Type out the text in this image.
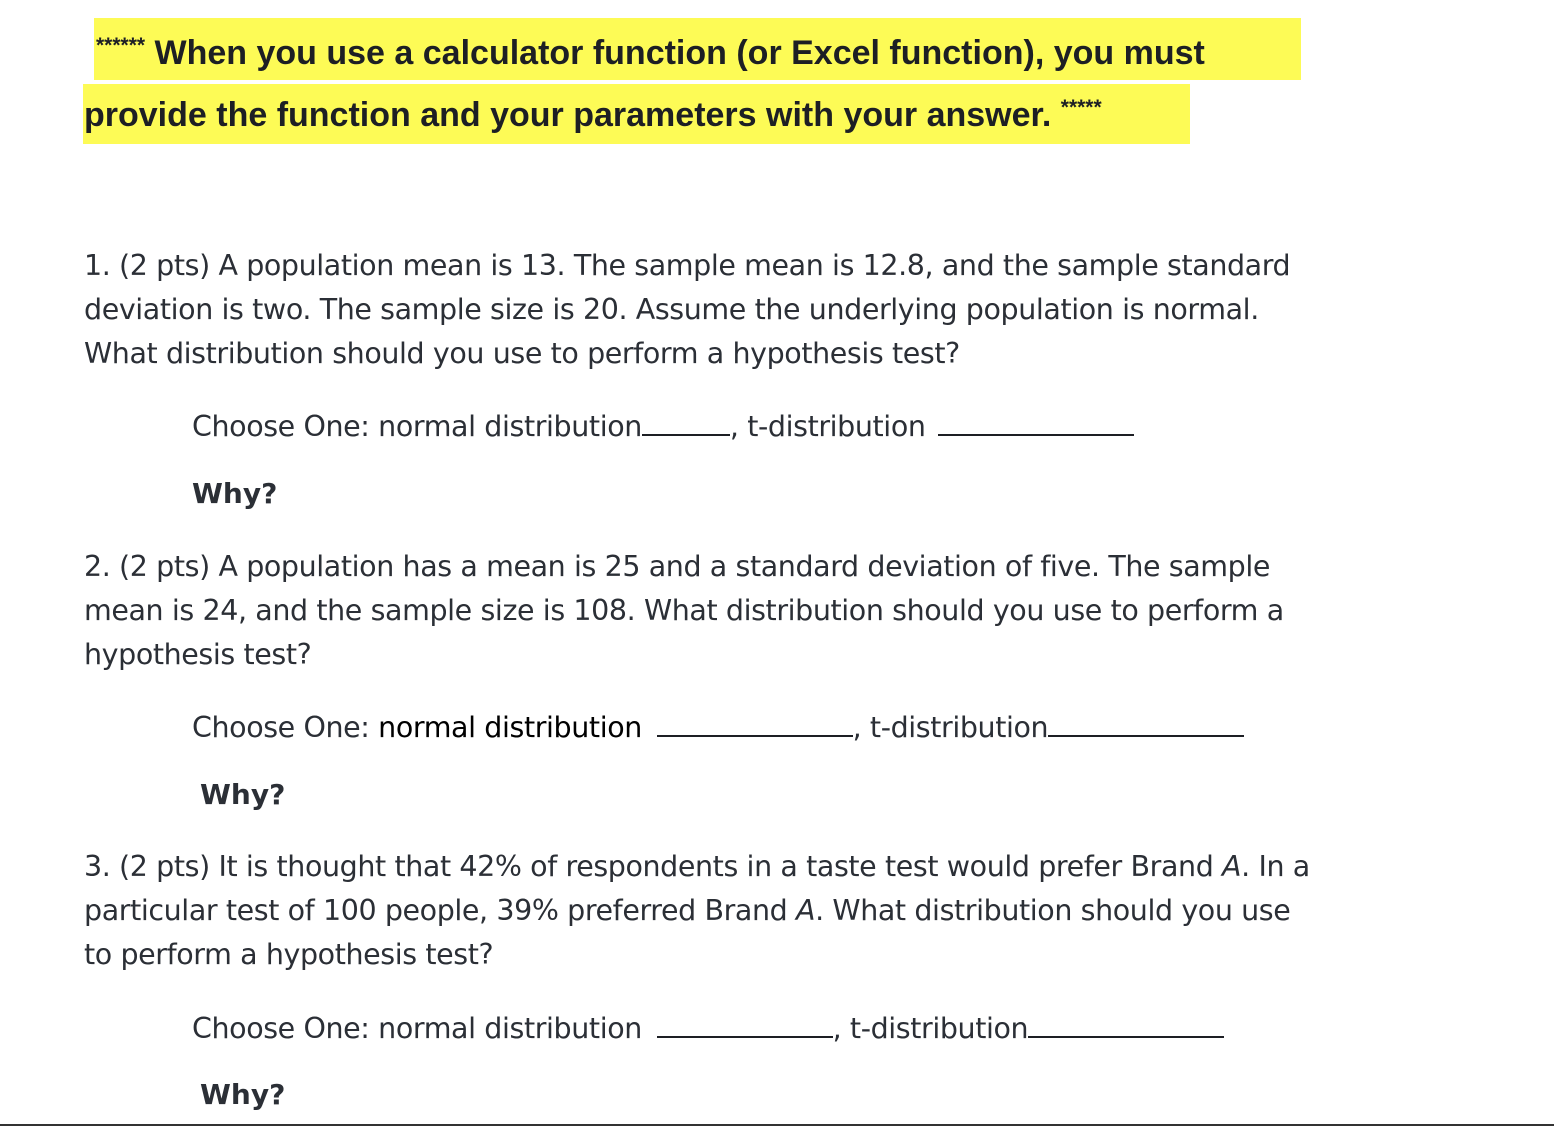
****** When you use a calculator function (or Excel function), you must
provide the function and your parameters with your answer. *****
1. (2 pts) A population mean is 13. The sample mean is 12.8, and the sample standard
deviation is two. The sample size is 20. Assume the underlying population is normal.
What distribution should you use to perform a hypothesis test?
Choose One: normal distribution	, t-distribution
Why?
2. (2 pts) A population has a mean is 25 and a standard deviation of five. The sample
mean is 24, and the sample size is 108. What distribution should you use to perform a
hypothesis test?
Choose One: normal distribution	, t-distribution
Why?
3. (2 pts) It is thought that 42% of respondents in a taste test would prefer Brand A. In a
particular test of 100 people, 39% preferred Brand A. What distribution should you use
to perform a hypothesis test?
Choose One: normal distribution	, t-distribution
Why?
